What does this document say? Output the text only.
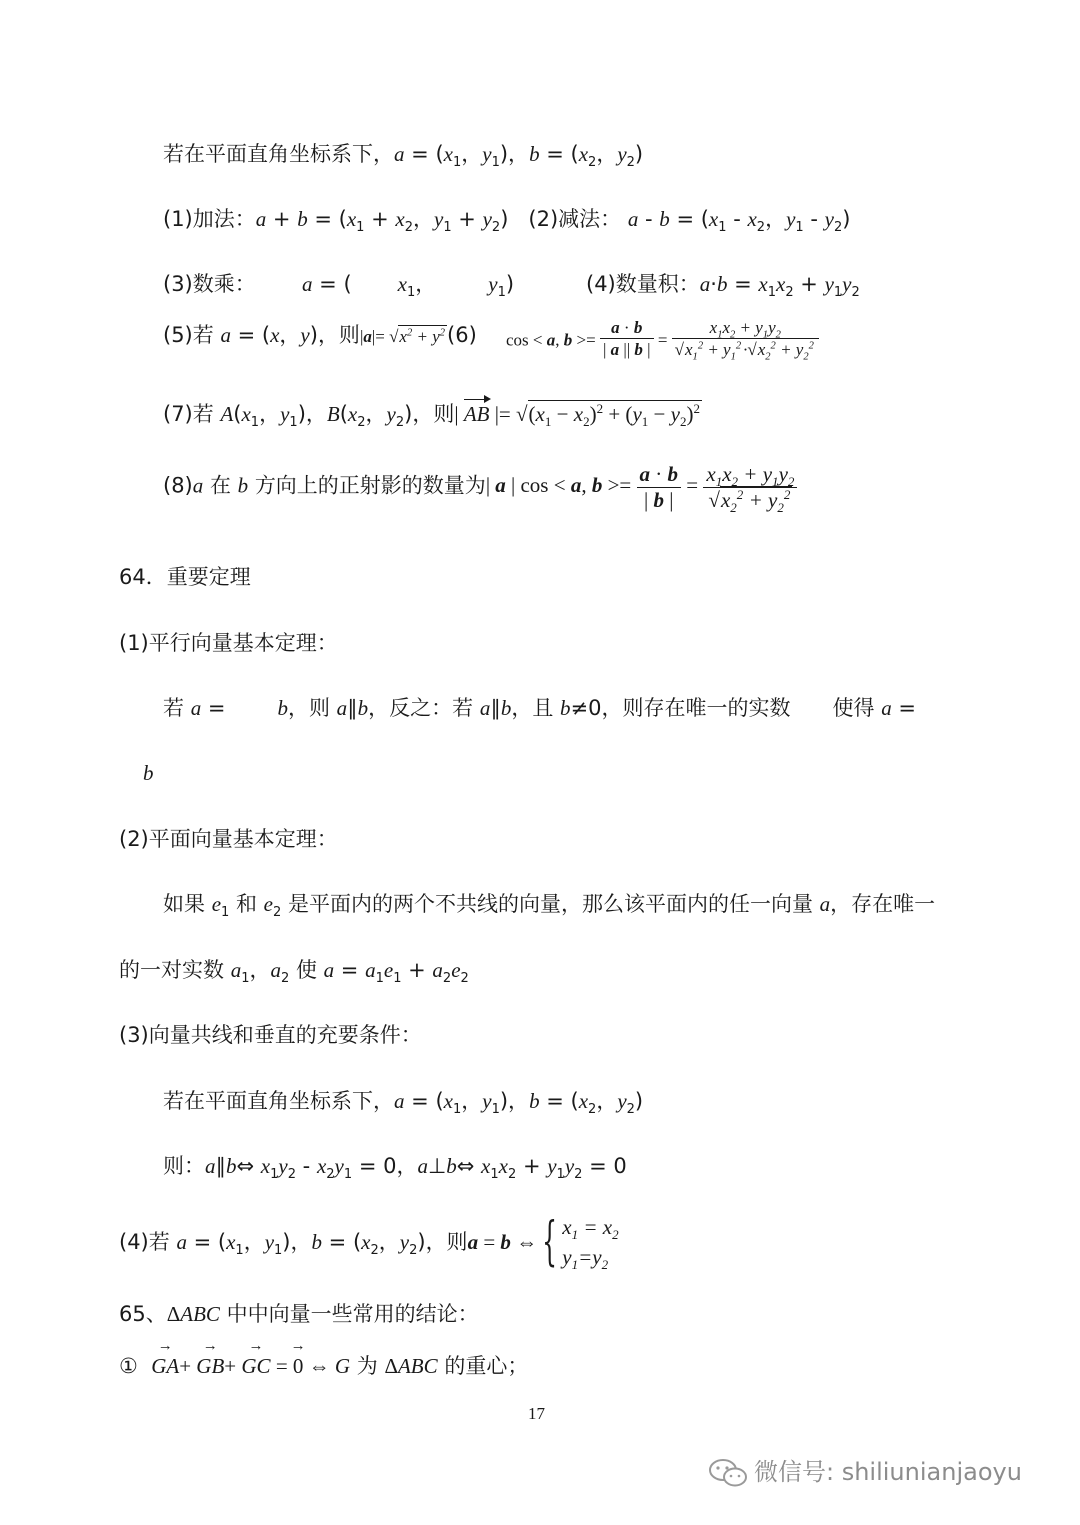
若在平面直角坐标系下，$a = (x_1$，$y_1$)，$b = (x_2$，$y_2$)
(1)加法：$a + b = (x_1 + x_2$，$y_1 + y_2$)   (2)减法： $a - b = (x_1 - x_2$，$y_1 - y_2$)
(3)数乘： a = ( $x_1$， $y_1$)	(4)数量积：$a\cdot b = x_1x_2 + y_1y_2$
(5)若 a = (x，y)，则$|a|= √x^2 + y^2(6) \cos < a$, $b >= \frac{a \cdot b}{| a || b |} = \frac{x_1x_2 + y_1y_2}{√x_1^2 + y_1^2 \cdot√x_2^2 + y_2^2}$
(7)若 $A(x_1$，$y_1$)，$B(x_2$，$y_2$)，则| AB |= $√(x_1 - x_2)^2 + (y_1 - y_2)^2$
(8)a 在 b 方向上的正射影的数量为| a | cos < a, $b >= \frac{a \cdot b}{| b |} = \frac{x_1x_2 + y_1y_2}{√x_2^2 + y_2^2}$
64．重要定理
(1)平行向量基本定理：
若 a = b，则 a∥b，反之：若 a∥b，且 b≠0，则存在唯一的实数 使得 a =
b
(2)平面向量基本定理：
如果 $e_1$ 和 $e_2$ 是平面内的两个不共线的向量，那么该平面内的任一向量 a，存在唯一
的一对实数 $a_1$，$a_2$ 使 $a = a_1e_1 + a_2e_2$
(3)向量共线和垂直的充要条件：
若在平面直角坐标系下，$a = (x_1$，$y_1$)，$b = (x_2$，$y_2$)
则：a∥b⇔ $x_1y_2 - x_2y_1 = 0$，a⊥b⇔ $x_1x_2 + y_1y_2 = 0$
(4)若 $a = (x_1$，$y_1$)，$b = (x_2$，$y_2$)，则a = b ⇔{ $x_1 = x_2$
$y_1=y_2$
65、ΔABC 中中向量一些常用的结论：
①  → GA+ → GB+ → GC = → 0 ⇔ G 为 ΔABC 的重心；
17
微信号: shiliunianjaoyu
